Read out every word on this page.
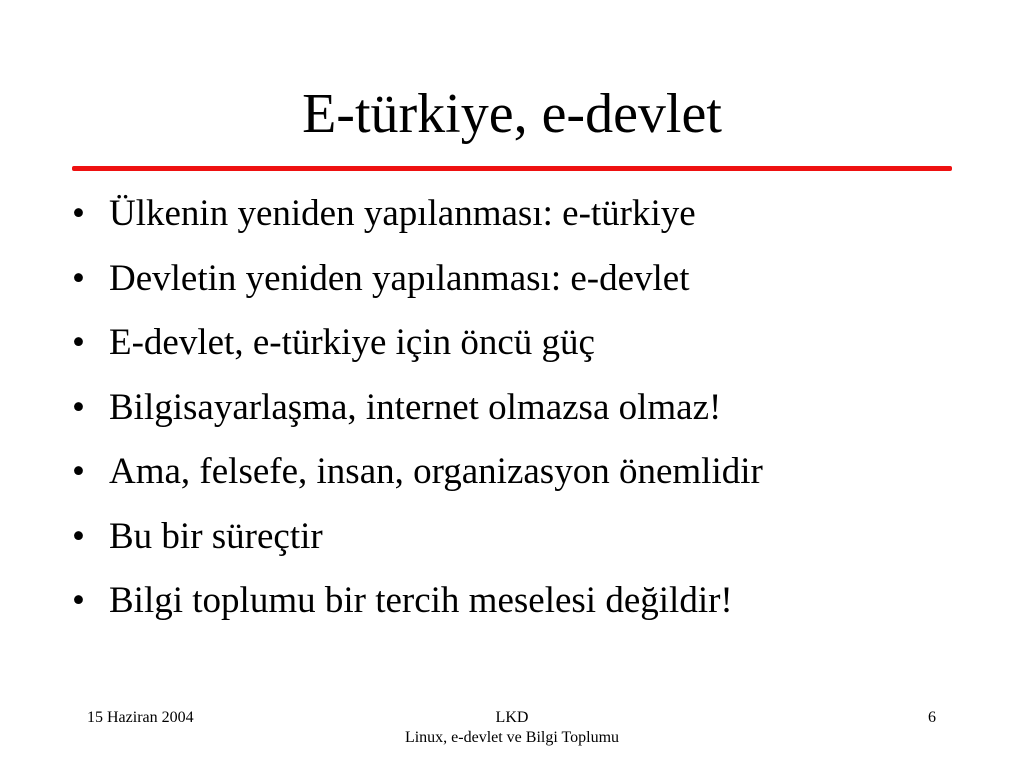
E-türkiye, e-devlet
• Ülkenin yeniden yapılanması: e-türkiye
• Devletin yeniden yapılanması: e-devlet
• E-devlet, e-türkiye için öncü güç
• Bilgisayarlaşma, internet olmazsa olmaz!
• Ama, felsefe, insan, organizasyon önemlidir
• Bu bir süreçtir
• Bilgi toplumu bir tercih meselesi değildir!
15 Haziran 2004	LKD
Linux, e-devlet ve Bilgi Toplumu
6
